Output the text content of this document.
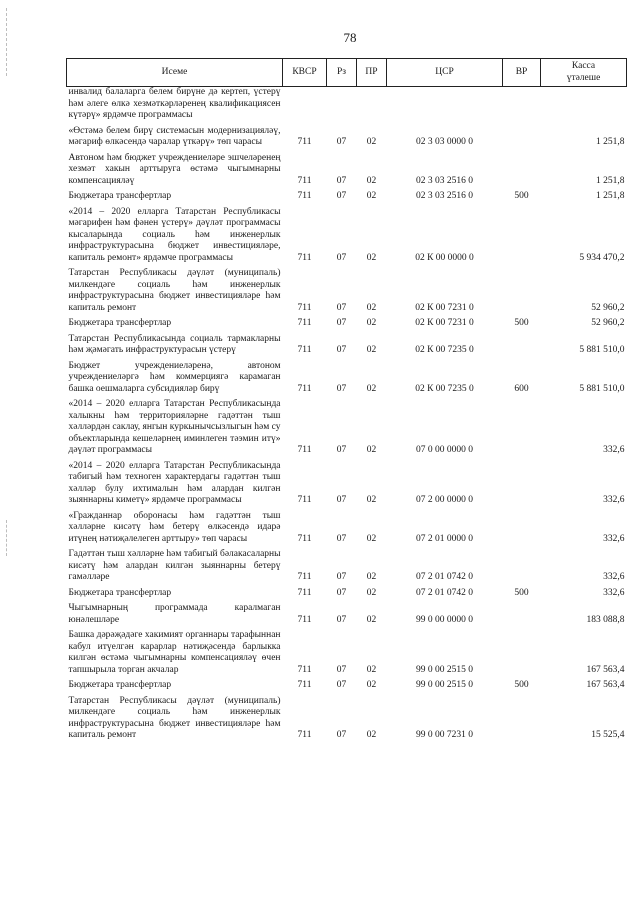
78
Исеме	КВСР	Рз	ПР	ЦСР	ВР	Касса
үтәлеше
инвалид балаларга белем бирүне дә кертеп, үстерү һәм әлеге өлкә хезмәткәрләренең квалификациясен күтәрү» ярдәмче программасы						

«Өстәмә белем бирү системасын модернизацияләү, мәгариф өлкәсендә чаралар үткәрү» төп чарасы	711	07	02	02 3 03 0000 0		1 251,8

Автоном һәм бюджет учреждениеләре эшчеләренең хезмәт хакын арттыруга өстәмә чыгымнарны компенсацияләү	711	07	02	02 3 03 2516 0		1 251,8

Бюджетара трансфертлар	711	07	02	02 3 03 2516 0	500	1 251,8

«2014 – 2020 елларга Татарстан Республикасы мәгарифен һәм фәнен үстерү» дәүләт программасы кысаларында социаль һәм инженерлык инфраструктурасына бюджет инвестицияләре, капиталь ремонт» ярдәмче программасы	711	07	02	02 К 00 0000 0		5 934 470,2

Татарстан Республикасы дәүләт (муниципаль) милкендәге социаль һәм инженерлык инфраструктурасына бюджет инвестицияләре һәм капиталь ремонт	711	07	02	02 К 00 7231 0		52 960,2

Бюджетара трансфертлар	711	07	02	02 К 00 7231 0	500	52 960,2

Татарстан Республикасында социаль тармакларны һәм җәмәгать инфраструктурасын үстерү	711	07	02	02 К 00 7235 0		5 881 510,0

Бюджет учреждениеләренә, автоном учреждениеләргә һәм коммерциягә карамаган башка оешмаларга субсидияләр бирү	711	07	02	02 К 00 7235 0	600	5 881 510,0

«2014 – 2020 елларга Татарстан Республикасында халыкны һәм территорияләрне гадәттән тыш хәлләрдән саклау, янгын куркынычсызлыгын һәм су объектларында кешеләрнең иминлеген тәэмин итү» дәүләт программасы	711	07	02	07 0 00 0000 0		332,6

«2014 – 2020 елларга Татарстан Республикасында табигый һәм техноген характердагы гадәттән тыш хәлләр булу ихтималын һәм алардан килгән зыяннарны киметү» ярдәмче программасы	711	07	02	07 2 00 0000 0		332,6

«Гражданнар оборонасы һәм гадәттән тыш хәлләрне кисәтү һәм бетерү өлкәсендә идарә итүнең нәтиҗәлелеген арттыру» төп чарасы	711	07	02	07 2 01 0000 0		332,6

Гадәттән тыш хәлләрне һәм табигый бәлакасаларны кисәтү һәм алардан килгән зыяннарны бетерү гамәлләре	711	07	02	07 2 01 0742 0		332,6

Бюджетара трансфертлар	711	07	02	07 2 01 0742 0	500	332,6

Чыгымнарның программада каралмаган юнәлешләре	711	07	02	99 0 00 0000 0		183 088,8

Башка дәрәҗәдәге хакимият органнары тарафыннан кабул итүелгән карарлар нәтиҗәсендә барлыкка килгән өстәмә чыгымнарны компенсацияләү өчен тапшырыла торган акчалар	711	07	02	99 0 00 2515 0		167 563,4

Бюджетара трансфертлар	711	07	02	99 0 00 2515 0	500	167 563,4

Татарстан Республикасы дәүләт (муниципаль) милкендәге социаль һәм инженерлык инфраструктурасына бюджет инвестицияләре һәм капиталь ремонт	711	07	02	99 0 00 7231 0		15 525,4
